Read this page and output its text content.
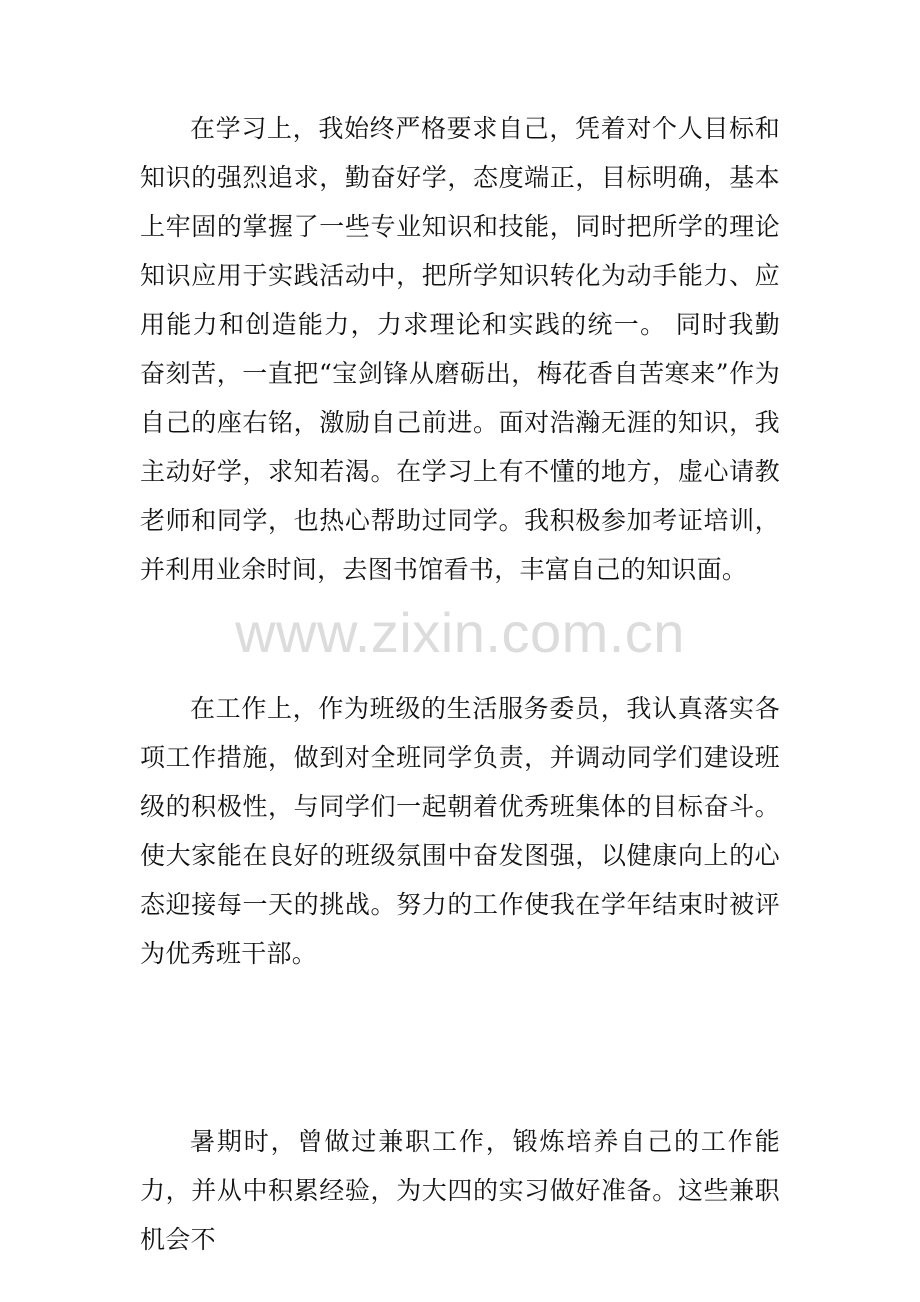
在学习上，我始终严格要求自己，凭着对个人目标和知识的强烈追求，勤奋好学，态度端正，目标明确，基本上牢固的掌握了一些专业知识和技能，同时把所学的理论知识应用于实践活动中，把所学知识转化为动手能力、应用能力和创造能力，力求理论和实践的统一。 同时我勤奋刻苦，一直把“宝剑锋从磨砺出，梅花香自苦寒来”作为自己的座右铭，激励自己前进。面对浩瀚无涯的知识，我主动好学，求知若渴。在学习上有不懂的地方，虚心请教老师和同学，也热心帮助过同学。我积极参加考证培训，并利用业余时间，去图书馆看书，丰富自己的知识面。

www.zixin.com.cn

在工作上，作为班级的生活服务委员，我认真落实各项工作措施，做到对全班同学负责，并调动同学们建设班级的积极性，与同学们一起朝着优秀班集体的目标奋斗。使大家能在良好的班级氛围中奋发图强，以健康向上的心态迎接每一天的挑战。努力的工作使我在学年结束时被评为优秀班干部。

暑期时，曾做过兼职工作，锻炼培养自己的工作能力，并从中积累经验，为大四的实习做好准备。这些兼职机会不
